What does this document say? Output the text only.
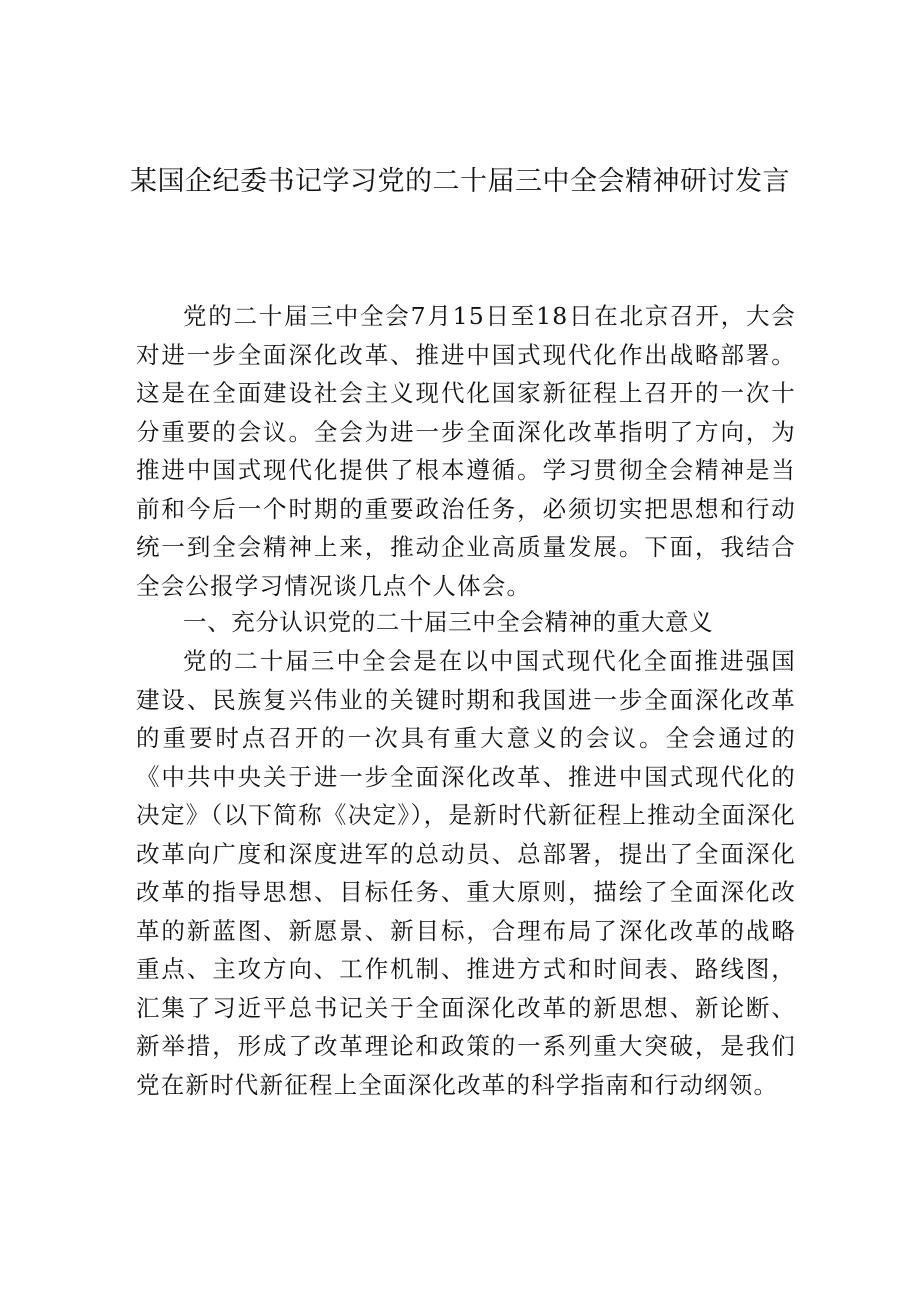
某国企纪委书记学习党的二十届三中全会精神研讨发言

党的二十届三中全会7月15日至18日在北京召开，大会对进一步全面深化改革、推进中国式现代化作出战略部署。这是在全面建设社会主义现代化国家新征程上召开的一次十分重要的会议。全会为进一步全面深化改革指明了方向，为推进中国式现代化提供了根本遵循。学习贯彻全会精神是当前和今后一个时期的重要政治任务，必须切实把思想和行动统一到全会精神上来，推动企业高质量发展。下面，我结合全会公报学习情况谈几点个人体会。

一、充分认识党的二十届三中全会精神的重大意义

党的二十届三中全会是在以中国式现代化全面推进强国建设、民族复兴伟业的关键时期和我国进一步全面深化改革的重要时点召开的一次具有重大意义的会议。全会通过的《中共中央关于进一步全面深化改革、推进中国式现代化的决定》（以下简称《决定》），是新时代新征程上推动全面深化改革向广度和深度进军的总动员、总部署，提出了全面深化改革的指导思想、目标任务、重大原则，描绘了全面深化改革的新蓝图、新愿景、新目标，合理布局了深化改革的战略重点、主攻方向、工作机制、推进方式和时间表、路线图，汇集了习近平总书记关于全面深化改革的新思想、新论断、新举措，形成了改革理论和政策的一系列重大突破，是我们党在新时代新征程上全面深化改革的科学指南和行动纲领。
